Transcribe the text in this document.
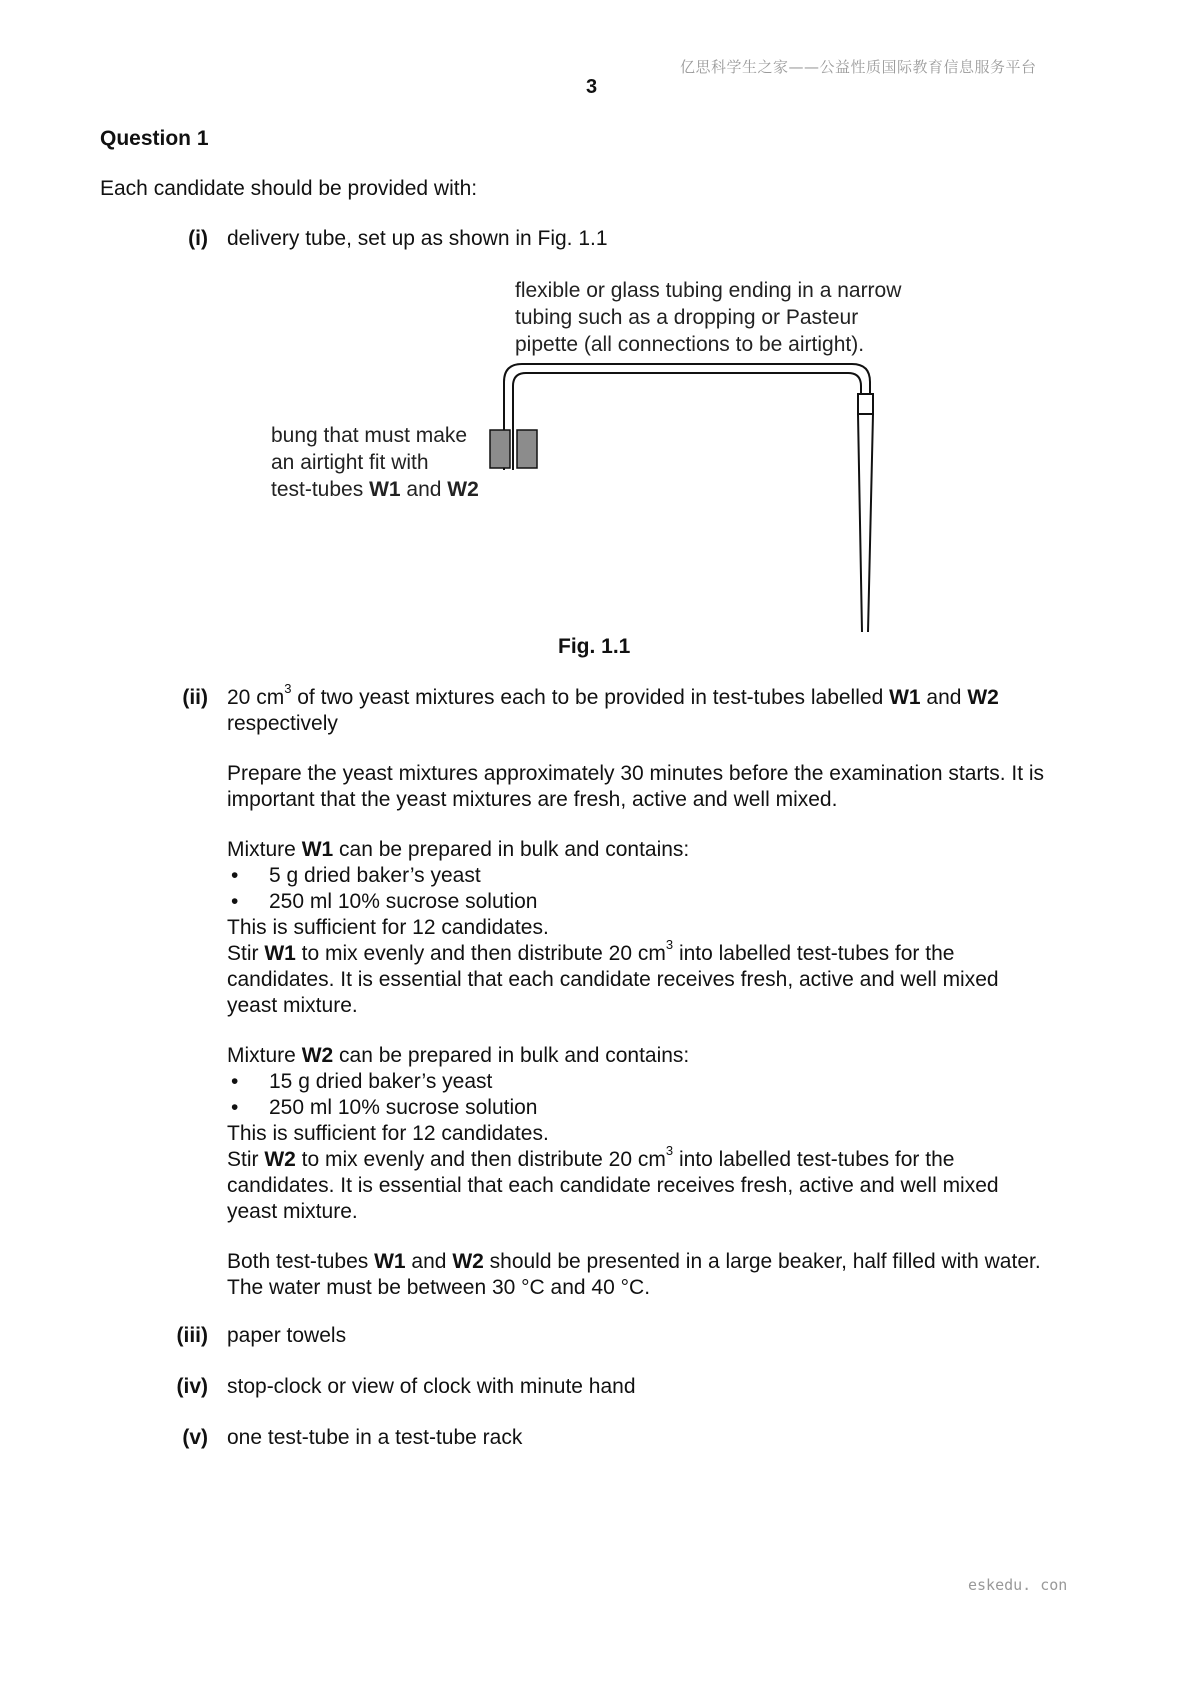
亿思科学生之家——公益性质国际教育信息服务平台
3
Question 1
Each candidate should be provided with:
(i) delivery tube, set up as shown in Fig. 1.1
flexible or glass tubing ending in a narrow
tubing such as a dropping or Pasteur
pipette (all connections to be airtight).
bung that must make
an airtight fit with
test-tubes W1 and W2
Fig. 1.1
(ii) 20 $cm^3$ of two yeast mixtures each to be provided in test-tubes labelled W1 and W2
respectively
Prepare the yeast mixtures approximately 30 minutes before the examination starts. It is
important that the yeast mixtures are fresh, active and well mixed.
Mixture W1 can be prepared in bulk and contains:
• 5 g dried baker’s yeast
• 250 ml 10% sucrose solution
This is sufficient for 12 candidates.
Stir W1 to mix evenly and then distribute 20 $cm^3$ into labelled test-tubes for the
candidates. It is essential that each candidate receives fresh, active and well mixed
yeast mixture.
Mixture W2 can be prepared in bulk and contains:
• 15 g dried baker’s yeast
• 250 ml 10% sucrose solution
This is sufficient for 12 candidates.
Stir W2 to mix evenly and then distribute 20 $cm^3$ into labelled test-tubes for the
candidates. It is essential that each candidate receives fresh, active and well mixed
yeast mixture.
Both test-tubes W1 and W2 should be presented in a large beaker, half filled with water.
The water must be between 30 °C and 40 °C.
(iii) paper towels
(iv) stop-clock or view of clock with minute hand
(v) one test-tube in a test-tube rack
eskedu. con
